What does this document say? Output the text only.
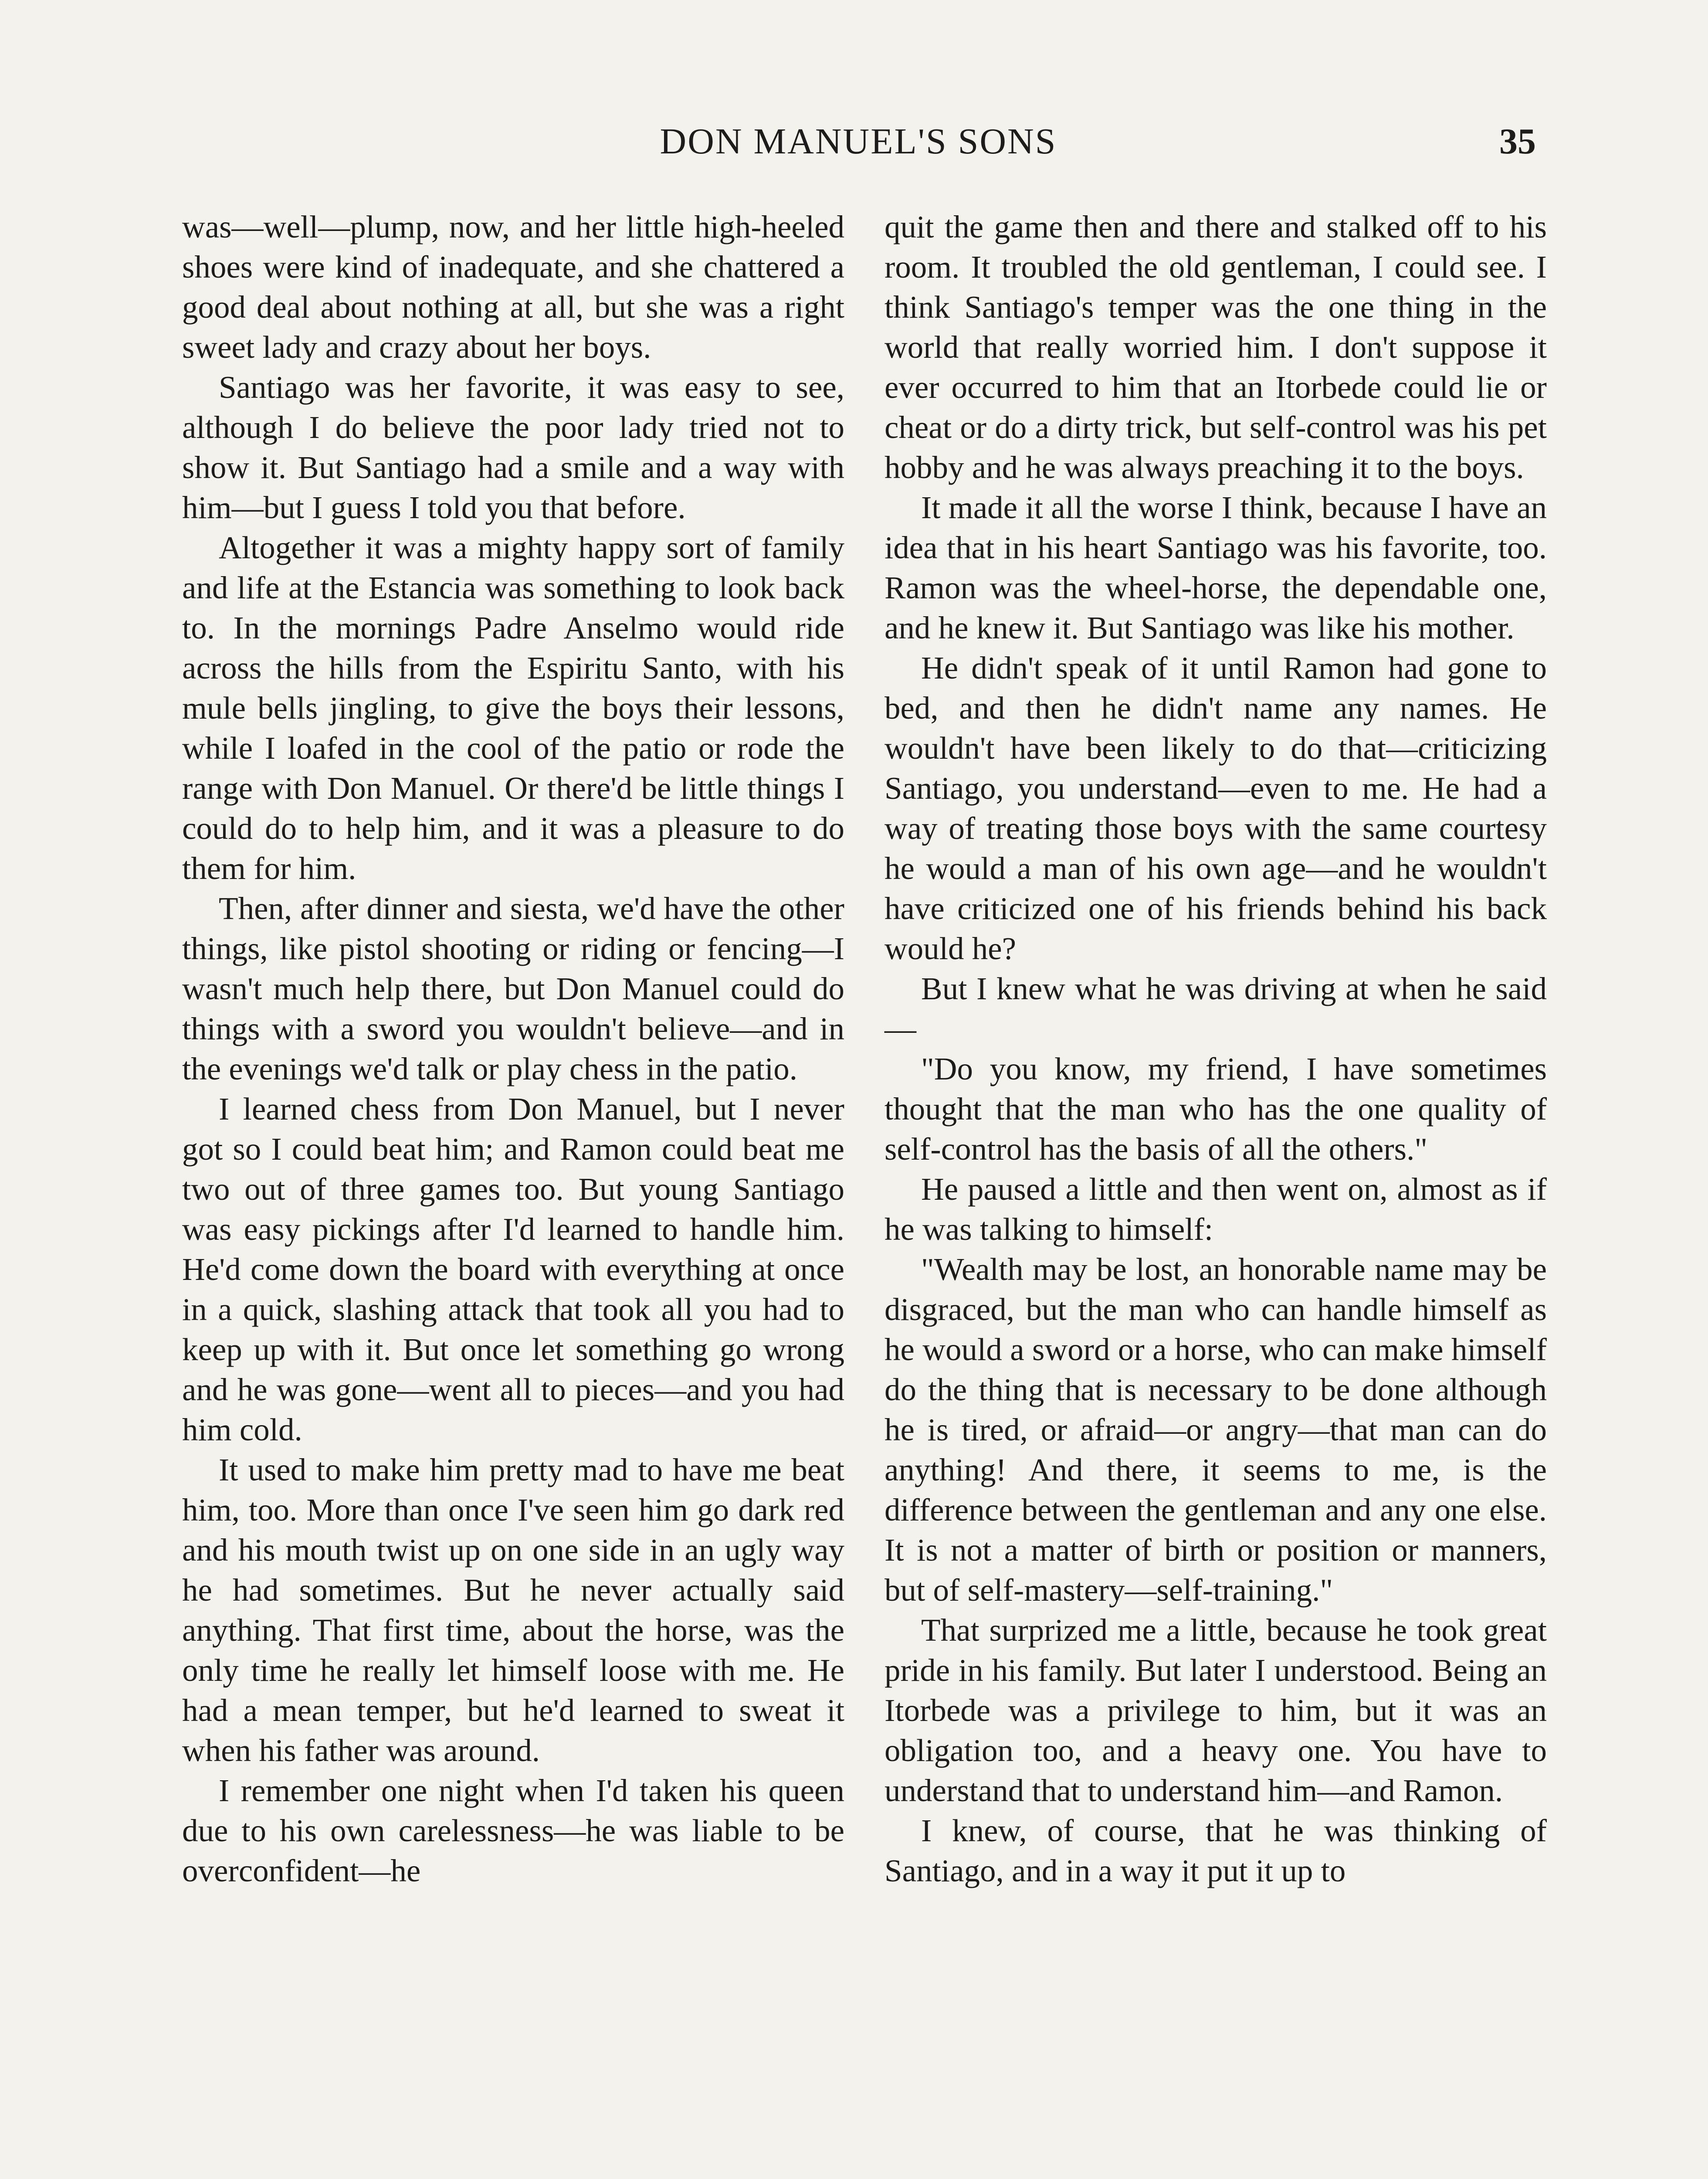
DON MANUEL'S SONS	35

was—well—plump, now, and her little high-heeled shoes were kind of inadequate, and she chattered a good deal about nothing at all, but she was a right sweet lady and crazy about her boys.

Santiago was her favorite, it was easy to see, although I do believe the poor lady tried not to show it. But Santiago had a smile and a way with him—but I guess I told you that before.

Altogether it was a mighty happy sort of family and life at the Estancia was something to look back to. In the mornings Padre Anselmo would ride across the hills from the Espiritu Santo, with his mule bells jingling, to give the boys their lessons, while I loafed in the cool of the patio or rode the range with Don Manuel. Or there'd be little things I could do to help him, and it was a pleasure to do them for him.

Then, after dinner and siesta, we'd have the other things, like pistol shooting or riding or fencing—I wasn't much help there, but Don Manuel could do things with a sword you wouldn't believe—and in the evenings we'd talk or play chess in the patio.

I learned chess from Don Manuel, but I never got so I could beat him; and Ramon could beat me two out of three games too. But young Santiago was easy pickings after I'd learned to handle him. He'd come down the board with everything at once in a quick, slashing attack that took all you had to keep up with it. But once let something go wrong and he was gone—went all to pieces—and you had him cold.

It used to make him pretty mad to have me beat him, too. More than once I've seen him go dark red and his mouth twist up on one side in an ugly way he had sometimes. But he never actually said anything. That first time, about the horse, was the only time he really let himself loose with me. He had a mean temper, but he'd learned to sweat it when his father was around.

I remember one night when I'd taken his queen due to his own carelessness—he was liable to be overconfident—he

quit the game then and there and stalked off to his room. It troubled the old gentleman, I could see. I think Santiago's temper was the one thing in the world that really worried him. I don't suppose it ever occurred to him that an Itorbede could lie or cheat or do a dirty trick, but self-control was his pet hobby and he was always preaching it to the boys.

It made it all the worse I think, because I have an idea that in his heart Santiago was his favorite, too. Ramon was the wheel-horse, the dependable one, and he knew it. But Santiago was like his mother.

He didn't speak of it until Ramon had gone to bed, and then he didn't name any names. He wouldn't have been likely to do that—criticizing Santiago, you understand—even to me. He had a way of treating those boys with the same courtesy he would a man of his own age—and he wouldn't have criticized one of his friends behind his back would he?

But I knew what he was driving at when he said—

"Do you know, my friend, I have sometimes thought that the man who has the one quality of self-control has the basis of all the others."

He paused a little and then went on, almost as if he was talking to himself:

"Wealth may be lost, an honorable name may be disgraced, but the man who can handle himself as he would a sword or a horse, who can make himself do the thing that is necessary to be done although he is tired, or afraid—or angry—that man can do anything! And there, it seems to me, is the difference between the gentleman and any one else. It is not a matter of birth or position or manners, but of self-mastery—self-training."

That surprized me a little, because he took great pride in his family. But later I understood. Being an Itorbede was a privilege to him, but it was an obligation too, and a heavy one. You have to understand that to understand him—and Ramon.

I knew, of course, that he was thinking of Santiago, and in a way it put it up to
